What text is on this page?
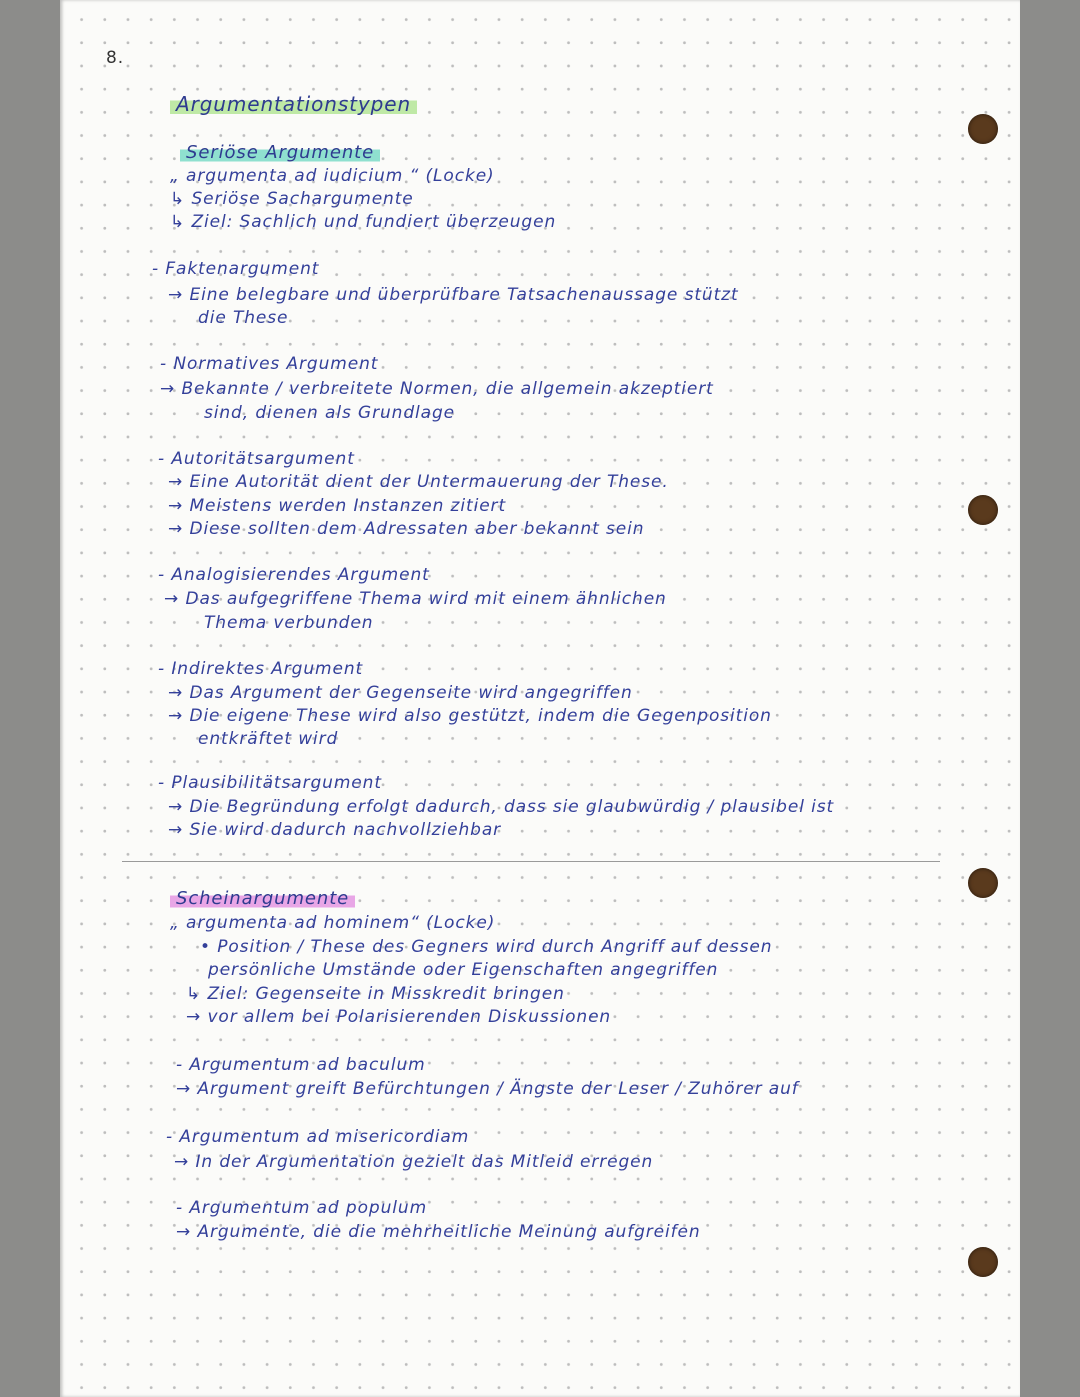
8.
Argumentationstypen
Seriöse Argumente
„ argumenta ad iudicium “ (Locke)
↳ Seriöse Sachargumente
↳ Ziel: Sachlich und fundiert überzeugen
- Faktenargument
→ Eine belegbare und überprüfbare Tatsachenaussage stützt
die These
- Normatives Argument
→ Bekannte / verbreitete Normen, die allgemein akzeptiert
sind, dienen als Grundlage
- Autoritätsargument
→ Eine Autorität dient der Untermauerung der These.
→ Meistens werden Instanzen zitiert
→ Diese sollten dem Adressaten aber bekannt sein
- Analogisierendes Argument
→ Das aufgegriffene Thema wird mit einem ähnlichen
Thema verbunden
- Indirektes Argument
→ Das Argument der Gegenseite wird angegriffen
→ Die eigene These wird also gestützt, indem die Gegenposition
entkräftet wird
- Plausibilitätsargument
→ Die Begründung erfolgt dadurch, dass sie glaubwürdig / plausibel ist
→ Sie wird dadurch nachvollziehbar
Scheinargumente
„ argumenta ad hominem“ (Locke)
• Position / These des Gegners wird durch Angriff auf dessen
persönliche Umstände oder Eigenschaften angegriffen
↳ Ziel: Gegenseite in Misskredit bringen
→ vor allem bei Polarisierenden Diskussionen
- Argumentum ad baculum
→ Argument greift Befürchtungen / Ängste der Leser / Zuhörer auf
- Argumentum ad misericordiam
→ In der Argumentation gezielt das Mitleid erregen
- Argumentum ad populum
→ Argumente, die die mehrheitliche Meinung aufgreifen
